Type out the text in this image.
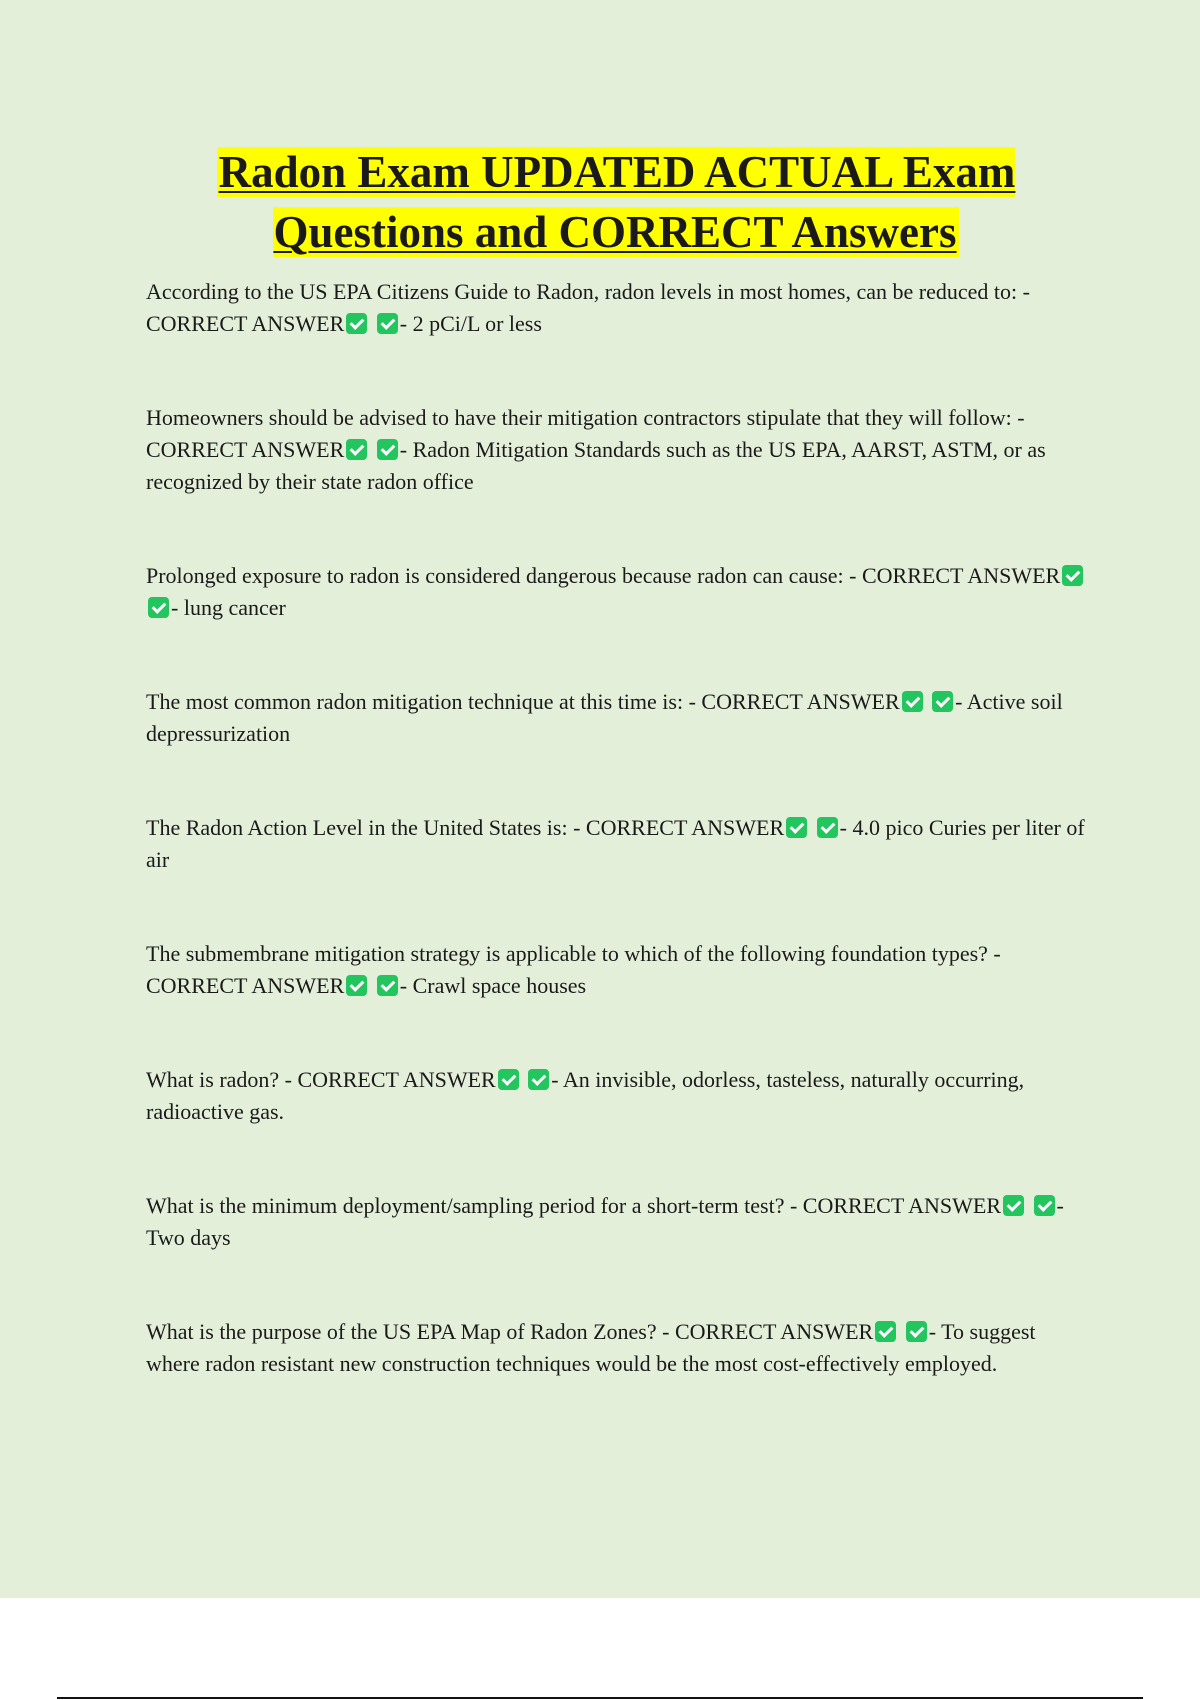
Radon Exam UPDATED ACTUAL Exam Questions and CORRECT Answers

According to the US EPA Citizens Guide to Radon, radon levels in most homes, can be reduced to: - CORRECT ANSWER	- 2 pCi/L or less

Homeowners should be advised to have their mitigation contractors stipulate that they will follow: - CORRECT ANSWER	- Radon Mitigation Standards such as the US EPA, AARST, ASTM, or as recognized by their state radon office

Prolonged exposure to radon is considered dangerous because radon can cause: - CORRECT ANSWER - lung cancer

The most common radon mitigation technique at this time is: - CORRECT ANSWER	- Active soil depressurization

The Radon Action Level in the United States is: - CORRECT ANSWER	- 4.0 pico Curies per liter of air

The submembrane mitigation strategy is applicable to which of the following foundation types? - CORRECT ANSWER	- Crawl space houses

What is radon? - CORRECT ANSWER	- An invisible, odorless, tasteless, naturally occurring, radioactive gas.

What is the minimum deployment/sampling period for a short-term test? - CORRECT ANSWER	- Two days

What is the purpose of the US EPA Map of Radon Zones? - CORRECT ANSWER	- To suggest where radon resistant new construction techniques would be the most cost-effectively employed.
